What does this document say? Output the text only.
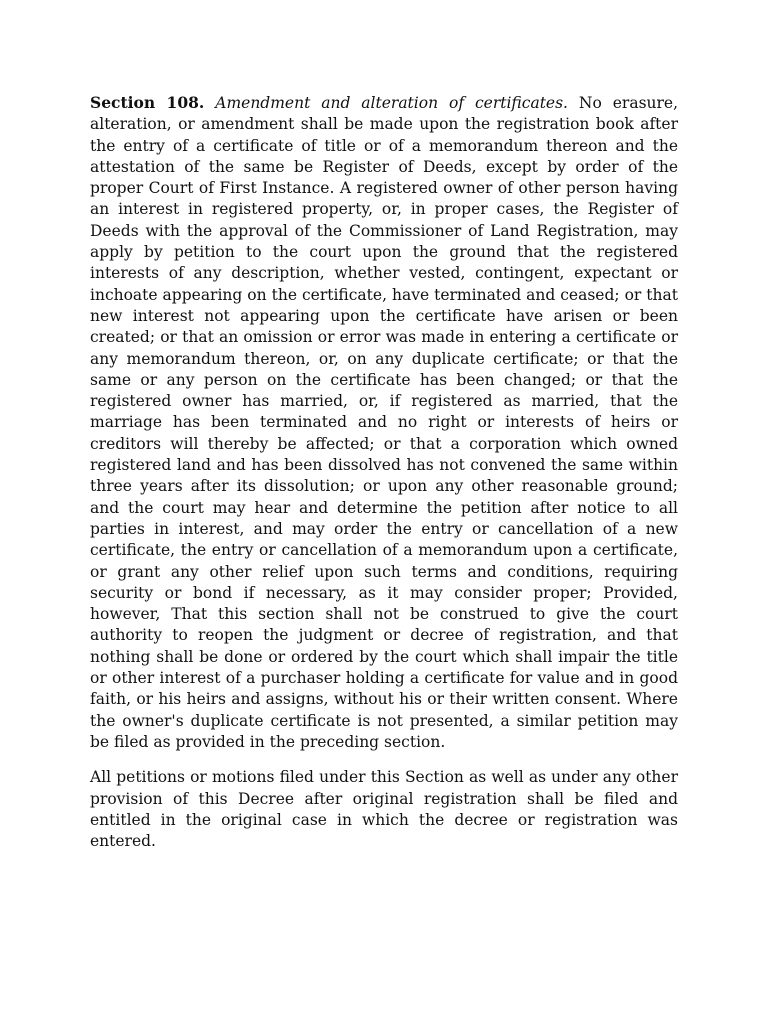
Section 108. Amendment and alteration of certificates. No erasure, alteration, or amendment shall be made upon the registration book after the entry of a certificate of title or of a memorandum thereon and the attestation of the same be Register of Deeds, except by order of the proper Court of First Instance. A registered owner of other person having an interest in registered property, or, in proper cases, the Register of Deeds with the approval of the Commissioner of Land Registration, may apply by petition to the court upon the ground that the registered interests of any description, whether vested, contingent, expectant or inchoate appearing on the certificate, have terminated and ceased; or that new interest not appearing upon the certificate have arisen or been created; or that an omission or error was made in entering a certificate or any memorandum thereon, or, on any duplicate certificate; or that the same or any person on the certificate has been changed; or that the registered owner has married, or, if registered as married, that the marriage has been terminated and no right or interests of heirs or creditors will thereby be affected; or that a corporation which owned registered land and has been dissolved has not convened the same within three years after its dissolution; or upon any other reasonable ground; and the court may hear and determine the petition after notice to all parties in interest, and may order the entry or cancellation of a new certificate, the entry or cancellation of a memorandum upon a certificate, or grant any other relief upon such terms and conditions, requiring security or bond if necessary, as it may consider proper; Provided, however, That this section shall not be construed to give the court authority to reopen the judgment or decree of registration, and that nothing shall be done or ordered by the court which shall impair the title or other interest of a purchaser holding a certificate for value and in good faith, or his heirs and assigns, without his or their written consent. Where the owner's duplicate certificate is not presented, a similar petition may be filed as provided in the preceding section.

All petitions or motions filed under this Section as well as under any other provision of this Decree after original registration shall be filed and entitled in the original case in which the decree or registration was entered.
